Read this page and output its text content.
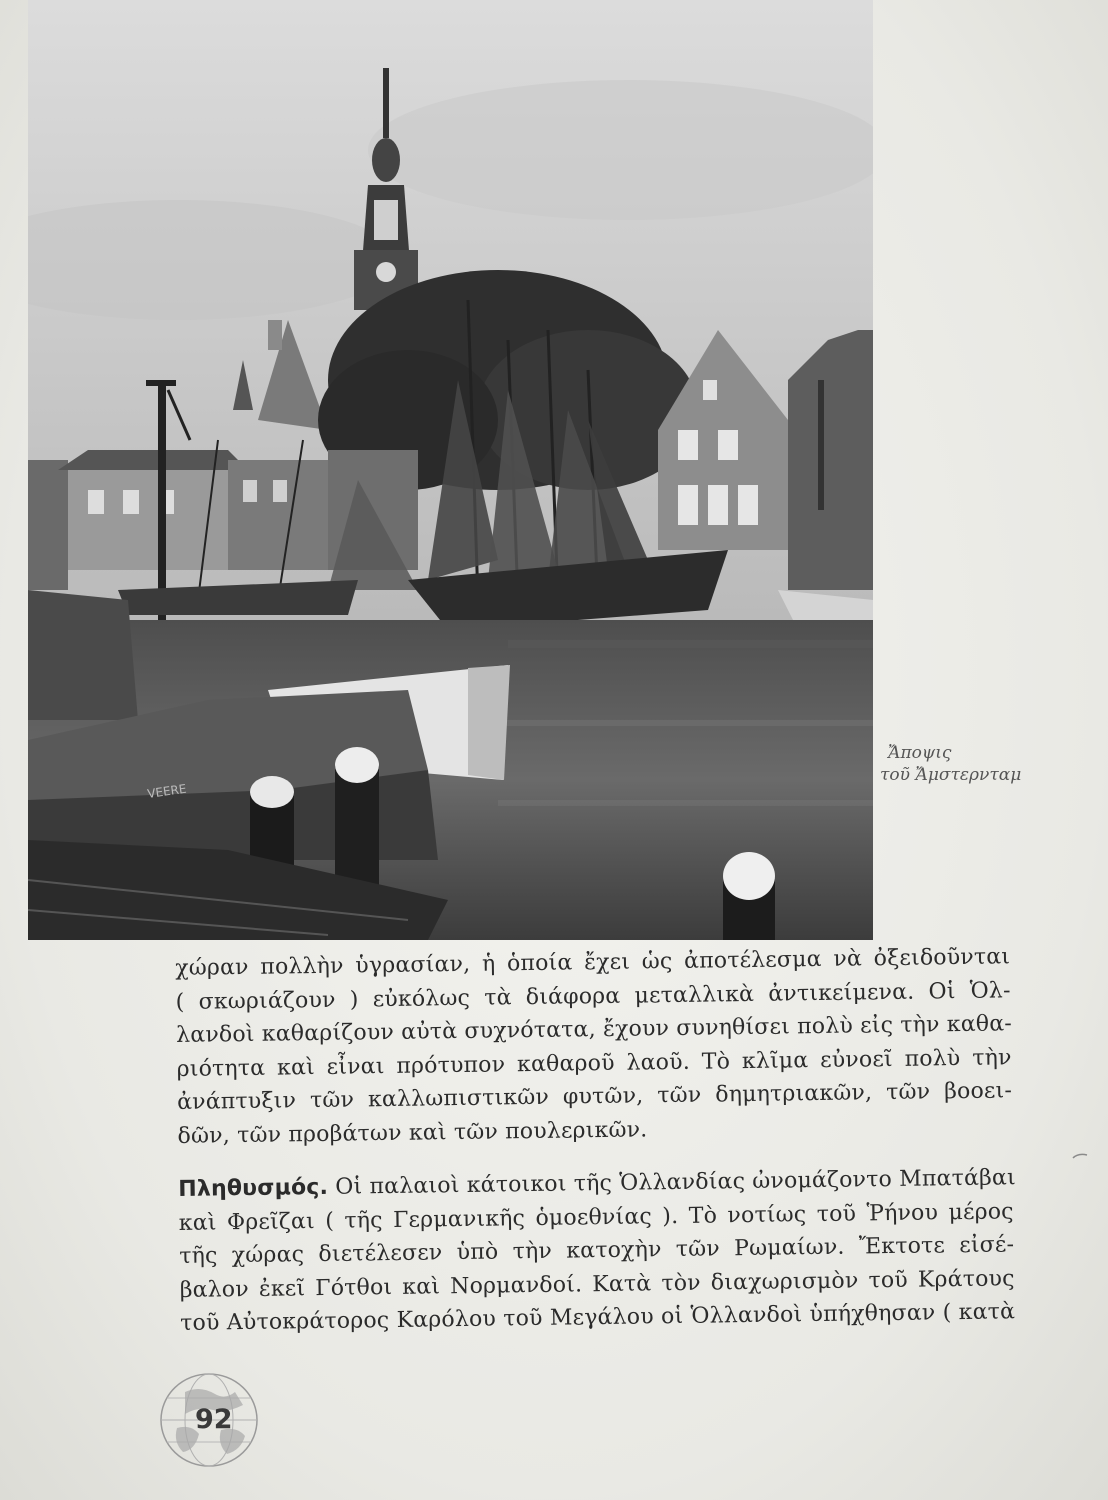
VEERE
Ἄποψις
τοῦ Ἄμστερνταμ

χώραν πολλὴν ὑγρασίαν, ἡ ὁποία ἔχει ὡς ἀποτέλεσμα νὰ ὀξειδοῦνται
( σκωριάζουν ) εὐκόλως τὰ διάφορα μεταλλικὰ ἀντικείμενα. Οἱ Ὁλ-
λανδοὶ καθαρίζουν αὐτὰ συχνότατα, ἔχουν συνηθίσει πολὺ εἰς τὴν καθα-
ριότητα καὶ εἶναι πρότυπον καθαροῦ λαοῦ. Τὸ κλῖμα εὐνοεῖ πολὺ τὴν
ἀνάπτυξιν τῶν καλλωπιστικῶν φυτῶν, τῶν δημητριακῶν, τῶν βοοει-
δῶν, τῶν προβάτων καὶ τῶν πουλερικῶν.

Πληθυσμός. Οἱ παλαιοὶ κάτοικοι τῆς Ὁλλανδίας ὠνομάζοντο Μπατάβαι
καὶ Φρεῖζαι ( τῆς Γερμανικῆς ὁμοεθνίας ). Τὸ νοτίως τοῦ Ῥήνου μέρος
τῆς χώρας διετέλεσεν ὑπὸ τὴν κατοχὴν τῶν Ρωμαίων. Ἔκτοτε εἰσέ-
βαλον ἐκεῖ Γότθοι καὶ Νορμανδοί. Κατὰ τὸν διαχωρισμὸν τοῦ Κράτους
τοῦ Αὐτοκράτορος Καρόλου τοῦ Μεγάλου οἱ Ὁλλανδοὶ ὑπήχθησαν ( κατὰ

92
